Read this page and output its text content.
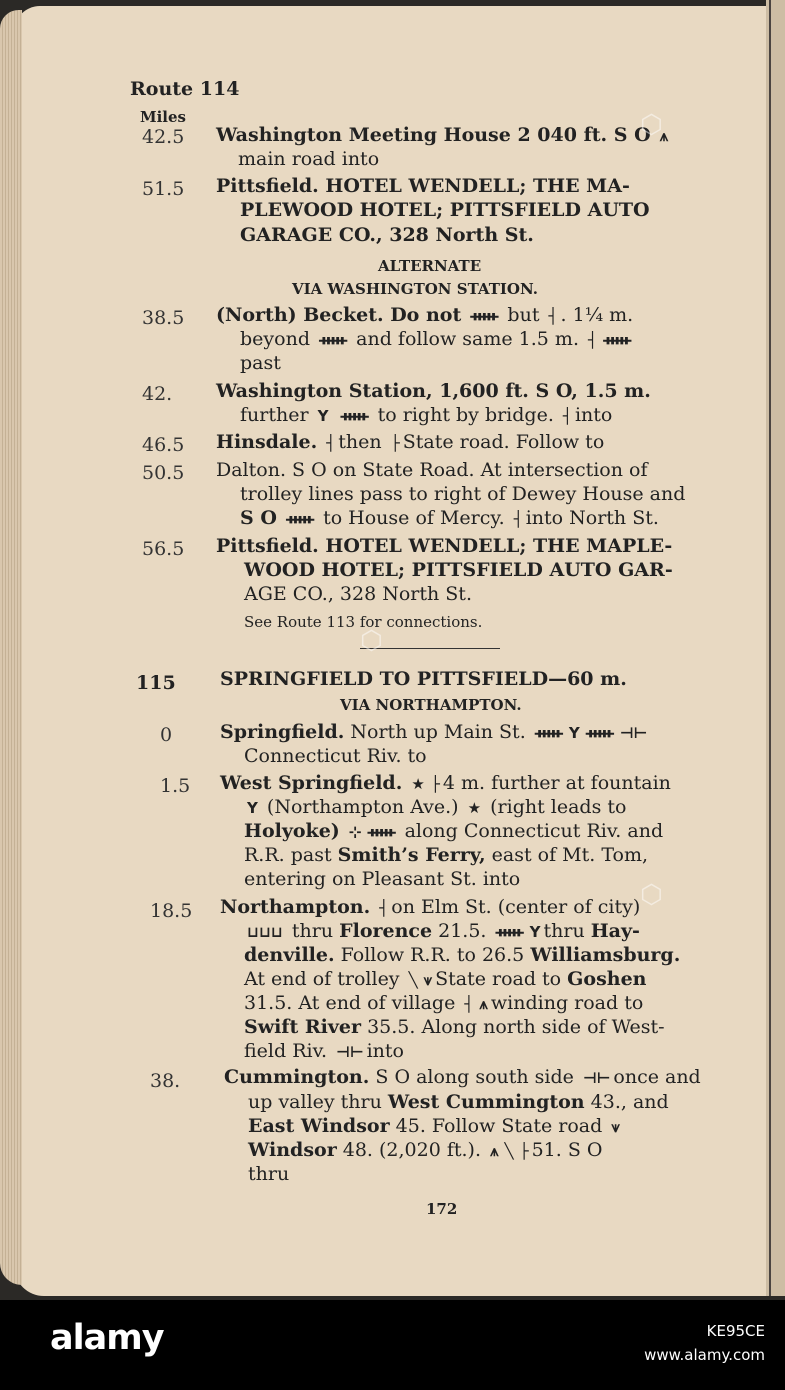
Route 114
Miles
42.5 Washington Meeting House 2 040 ft. S O ⩚
main road into
51.5 Pittsfield. HOTEL WENDELL; THE MA-
PLEWOOD HOTEL; PITTSFIELD AUTO
GARAGE CO., 328 North St.
ALTERNATE
VIA WASHINGTON STATION.
38.5 (North) Becket. Do not ᚔ but ┤ . 1¼ m.
beyond ᚔ and follow same 1.5 m. ┤ ᚔ
past
42. Washington Station, 1,600 ft. S O, 1.5 m.
further Y ᚔ to right by bridge. ┤ into
46.5 Hinsdale. ┤ then ├ State road. Follow to
50.5 Dalton. S O on State Road. At intersection of
trolley lines pass to right of Dewey House and
S O ᚔ to House of Mercy. ┤ into North St.
56.5 Pittsfield. HOTEL WENDELL; THE MAPLE-
WOOD HOTEL; PITTSFIELD AUTO GAR-
AGE CO., 328 North St.
See Route 113 for connections.
115 SPRINGFIELD TO PITTSFIELD—60 m.
VIA NORTHAMPTON.
0	Springfield. North up Main St. ᚔ Y ᚔ ⊣⊢
Connecticut Riv. to
1.5 West Springfield. ★ ├ 4 m. further at fountain
Y (Northampton Ave.) ★ (right leads to
Holyoke) ⊹ ᚔ along Connecticut Riv. and
R.R. past Smith’s Ferry, east of Mt. Tom,
entering on Pleasant St. into
18.5 Northampton. ┤ on Elm St. (center of city)
⊔⊔⊔ thru Florence 21.5. ᚔ Y thru Hay-
denville. Follow R.R. to 26.5 Williamsburg.
At end of trolley ╲ ⩛ State road to Goshen
31.5. At end of village ┤ ⩚ winding road to
Swift River 35.5. Along north side of West-
field Riv. ⊣⊢ into
38. Cummington. S O along south side ⊣⊢ once and
up valley thru West Cummington 43., and
East Windsor 45. Follow State road ⩛
Windsor 48. (2,020 ft.). ⩚ ╲ ├ 51. S O
thru
172
⬡
⬡
⬡
alamy	KE95CE
www.alamy.com
